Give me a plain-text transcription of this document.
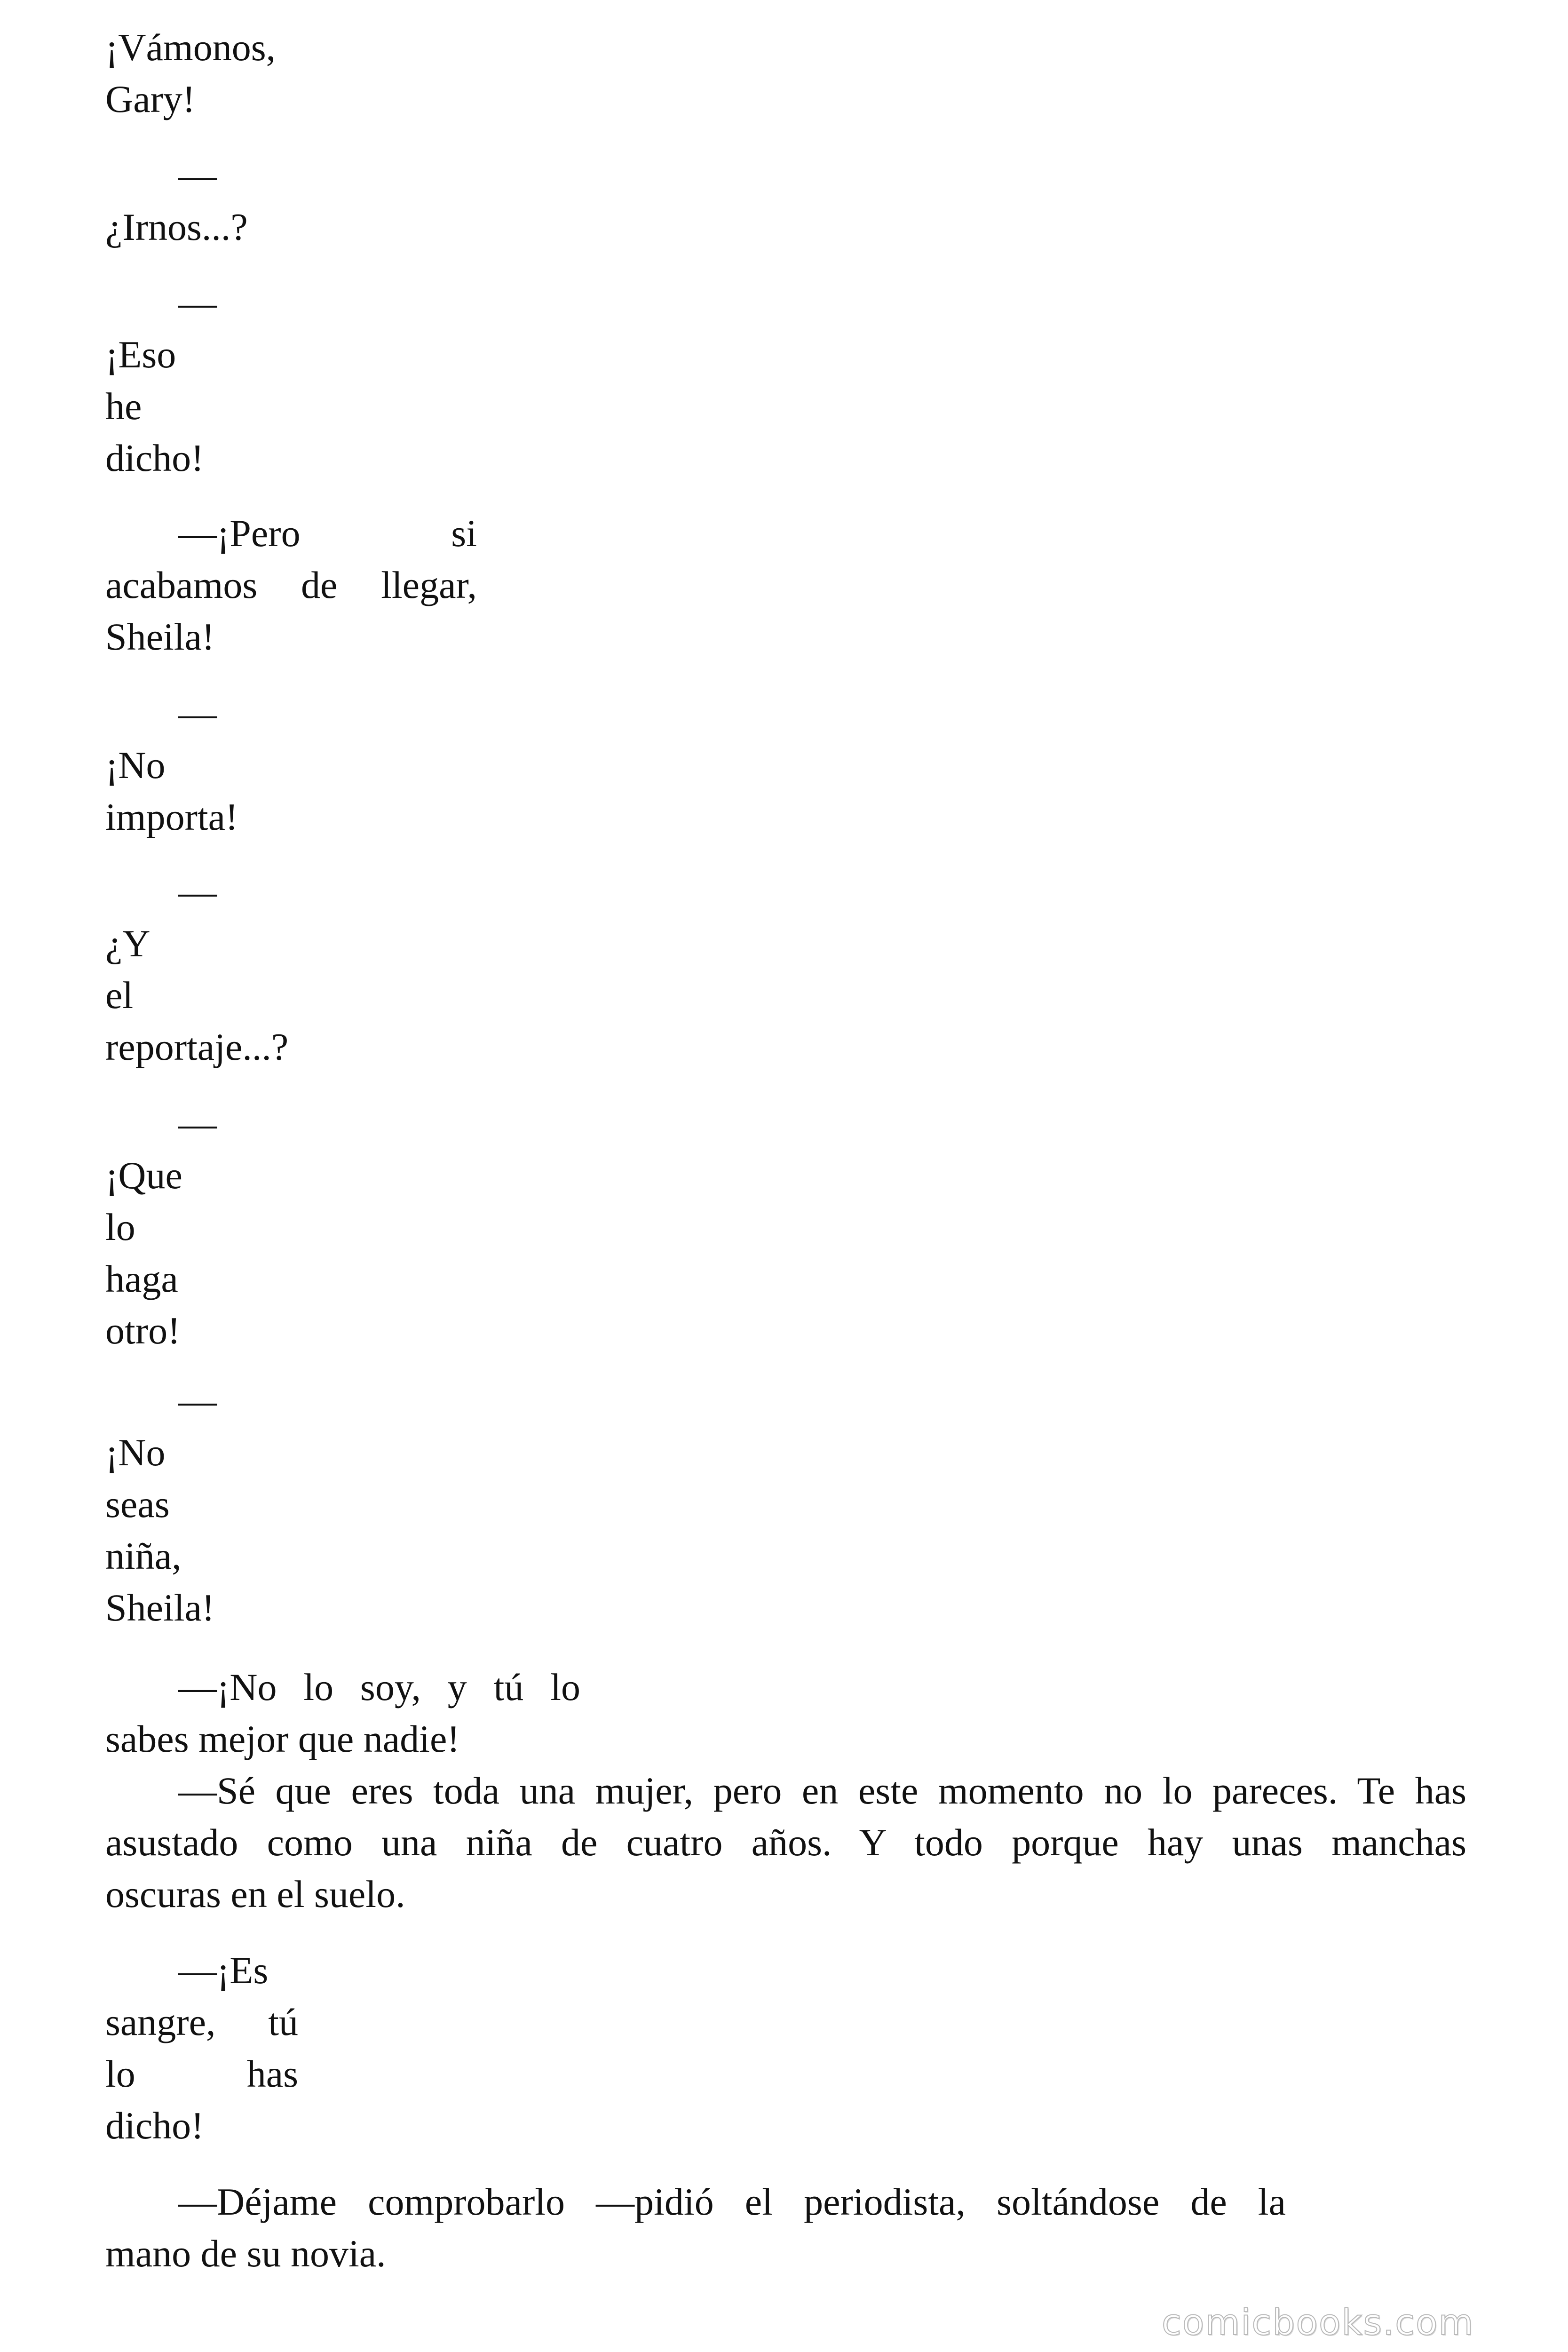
¡Vámonos,
Gary!

—
¿Irnos...?

—
¡Eso
he
dicho!

—¡Pero si
acabamos de llegar,
Sheila!

—
¡No
importa!

—
¿Y
el
reportaje...?

—
¡Que
lo
haga
otro!

—
¡No
seas
niña,
Sheila!

—¡No lo soy, y tú lo
sabes mejor que nadie!

—Sé que eres toda una mujer, pero en este momento no lo pareces. Te has
asustado como una niña de cuatro años. Y todo porque hay unas manchas
oscuras en el suelo.

—¡Es
sangre, tú
lo has
dicho!

—Déjame comprobarlo —pidió el periodista, soltándose de la
mano de su novia.

comicbooks.com
